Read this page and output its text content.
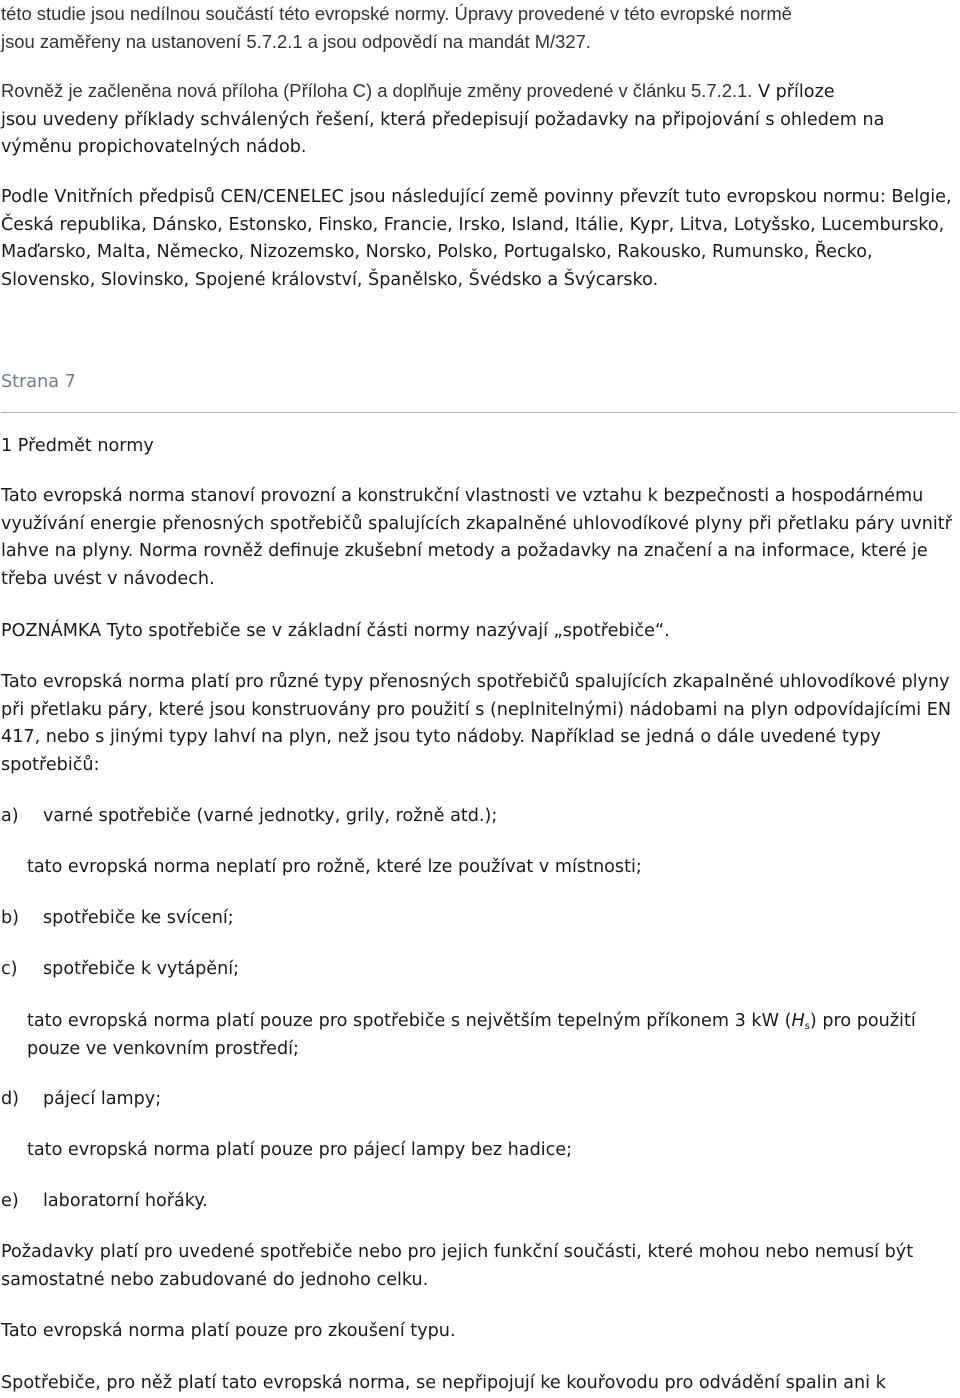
této studie jsou nedílnou součástí této evropské normy. Úpravy provedené v této evropské normě
jsou zaměřeny na ustanovení 5.7.2.1 a jsou odpovědí na mandát M/327.
Rovněž je začleněna nová příloha (Příloha C) a doplňuje změny provedené v článku 5.7.2.1. V příloze
jsou uvedeny příklady schválených řešení, která předepisují požadavky na připojování s ohledem na
výměnu propichovatelných nádob.

Podle Vnitřních předpisů CEN/CENELEC jsou následující země povinny převzít tuto evropskou normu: Belgie, Česká republika, Dánsko, Estonsko, Finsko, Francie, Irsko, Island, Itálie, Kypr, Litva, Lotyšsko, Lucembursko, Maďarsko, Malta, Německo, Nizozemsko, Norsko, Polsko, Portugalsko, Rakousko, Rumunsko, Řecko, Slovensko, Slovinsko, Spojené království, Španělsko, Švédsko a Švýcarsko.

Strana 7
1 Předmět normy

Tato evropská norma stanoví provozní a konstrukční vlastnosti ve vztahu k bezpečnosti a hospodárnému využívání energie přenosných spotřebičů spalujících zkapalněné uhlovodíkové plyny při přetlaku páry uvnitř lahve na plyny. Norma rovněž definuje zkušební metody a požadavky na značení a na informace, které je třeba uvést v návodech.

POZNÁMKA Tyto spotřebiče se v základní části normy nazývají „spotřebiče“.

Tato evropská norma platí pro různé typy přenosných spotřebičů spalujících zkapalněné uhlovodíkové plyny při přetlaku páry, které jsou konstruovány pro použití s (neplnitelnými) nádobami na plyn odpovídajícími EN 417, nebo s jinými typy lahví na plyn, než jsou tyto nádoby. Například se jedná o dále uvedené typy spotřebičů:

a) varné spotřebiče (varné jednotky, grily, rožně atd.);
tato evropská norma neplatí pro rožně, které lze používat v místnosti;
b) spotřebiče ke svícení;
c) spotřebiče k vytápění;
tato evropská norma platí pouze pro spotřebiče s největším tepelným příkonem 3 kW $(H_s)$ pro použití pouze ve venkovním prostředí;
d) pájecí lampy;
tato evropská norma platí pouze pro pájecí lampy bez hadice;
e) laboratorní hořáky.

Požadavky platí pro uvedené spotřebiče nebo pro jejich funkční součásti, které mohou nebo nemusí být samostatné nebo zabudované do jednoho celku.

Tato evropská norma platí pouze pro zkoušení typu.

Spotřebiče, pro něž platí tato evropská norma, se nepřipojují ke kouřovodu pro odvádění spalin ani k
